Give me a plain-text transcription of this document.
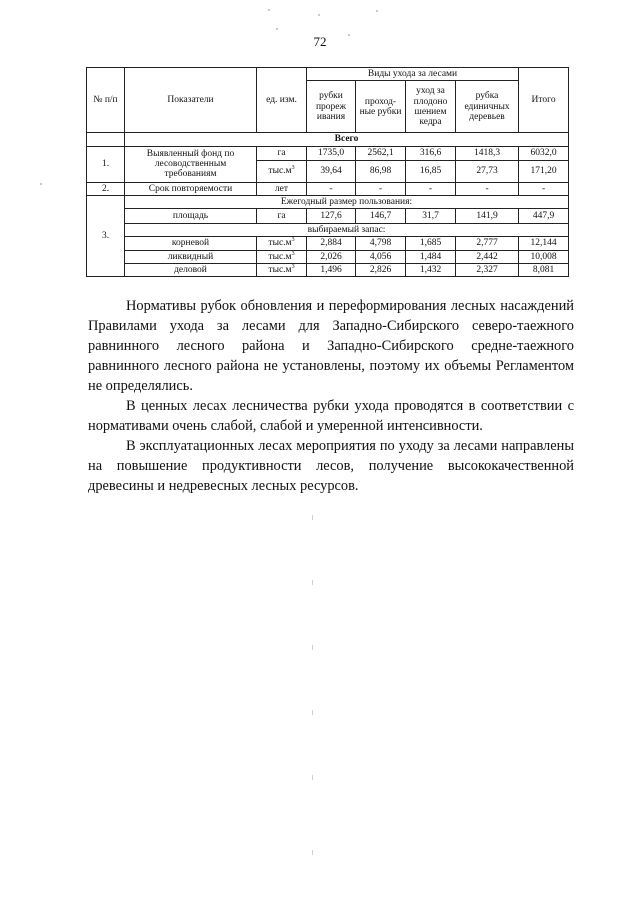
72
№ п/п	Показатели	ед. изм.	Виды ухода за лесами				Итого
			рубки прореж ивания	проход-ные рубки	уход за плодоно шением кедра	рубка единичных деревьев	
	Всего						
1.	Выявленный фонд по лесоводственным требованиям	га	1735,0	2562,1	316,6	1418,3	6032,0
		$тыс.м^3$	39,64	86,98	16,85	27,73	171,20
2.	Срок повторяемости	лет	-	-	-	-	-
3.	Ежегодный размер пользования:						
	площадь	га	127,6	146,7	31,7	141,9	447,9
	выбираемый запас:						
	корневой	$тыс.м^3$	2,884	4,798	1,685	2,777	12,144
	ликвидный	$тыс.м^3$	2,026	4,056	1,484	2,442	10,008
	деловой	$тыс.м^3$	1,496	2,826	1,432	2,327	8,081

Нормативы рубок обновления и переформирования лесных насаждений Правилами ухода за лесами для Западно-Сибирского северо-таежного равнинного лесного района и Западно-Сибирского средне-таежного равнинного лесного района не установлены, поэтому их объемы Регламентом не определялись.

В ценных лесах лесничества рубки ухода проводятся в соответствии с нормативами очень слабой, слабой и умеренной интенсивности.

В эксплуатационных лесах мероприятия по уходу за лесами направлены на повышение продуктивности лесов, получение высококачественной древесины и недревесных лесных ресурсов.
